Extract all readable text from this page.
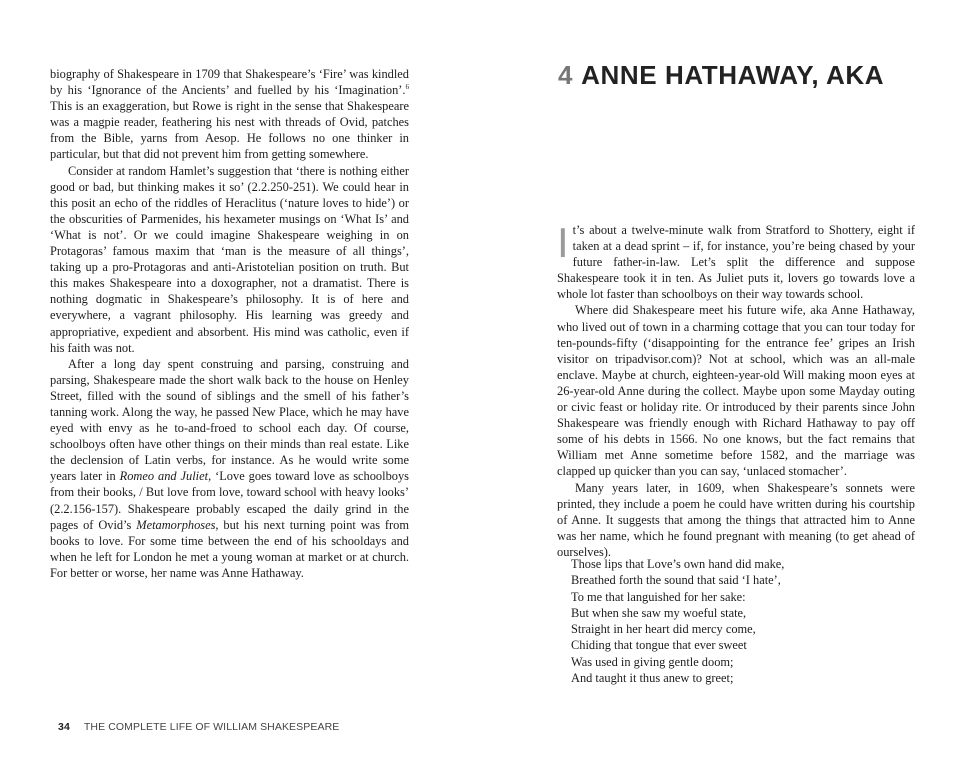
biography of Shakespeare in 1709 that Shakespeare’s ‘Fire’ was kindled by his ‘Ignorance of the Ancients’ and fuelled by his ‘Imagination’.$^6$ This is an exaggeration, but Rowe is right in the sense that Shakespeare was a magpie reader, feathering his nest with threads of Ovid, patches from the Bible, yarns from Aesop. He follows no one thinker in particular, but that did not prevent him from getting somewhere.

Consider at random Hamlet’s suggestion that ‘there is nothing either good or bad, but thinking makes it so’ (2.2.250-251). We could hear in this posit an echo of the riddles of Heraclitus (‘nature loves to hide’) or the obscurities of Parmenides, his hexameter musings on ‘What Is’ and ‘What is not’. Or we could imagine Shakespeare weighing in on Protagoras’ famous maxim that ‘man is the measure of all things’, taking up a pro-Protagoras and anti-Aristotelian position on truth. But this makes Shakespeare into a doxographer, not a dramatist. There is nothing dogmatic in Shakespeare’s philosophy. It is of here and everywhere, a vagrant philosophy. His learning was greedy and appropriative, expedient and absorbent. His mind was catholic, even if his faith was not.

After a long day spent construing and parsing, construing and parsing, Shakespeare made the short walk back to the house on Henley Street, filled with the sound of siblings and the smell of his father’s tanning work. Along the way, he passed New Place, which he may have eyed with envy as he to-and-froed to school each day. Of course, schoolboys often have other things on their minds than real estate. Like the declension of Latin verbs, for instance. As he would write some years later in Romeo and Juliet, ‘Love goes toward love as schoolboys from their books, / But love from love, toward school with heavy looks’ (2.2.156-157). Shakespeare probably escaped the daily grind in the pages of Ovid’s Metamorphoses, but his next turning point was from books to love. For some time between the end of his schooldays and when he left for London he met a young woman at market or at church. For better or worse, her name was Anne Hathaway.

34 THE COMPLETE LIFE OF WILLIAM SHAKESPEARE
4 ANNE HATHAWAY, AKA

It’s about a twelve-minute walk from Stratford to Shottery, eight if taken at a dead sprint – if, for instance, you’re being chased by your future father-in-law. Let’s split the difference and suppose Shakespeare took it in ten. As Juliet puts it, lovers go towards love a whole lot faster than schoolboys on their way towards school.

Where did Shakespeare meet his future wife, aka Anne Hathaway, who lived out of town in a charming cottage that you can tour today for ten-pounds-fifty (‘disappointing for the entrance fee’ gripes an Irish visitor on tripadvisor.com)? Not at school, which was an all-male enclave. Maybe at church, eighteen-year-old Will making moon eyes at 26-year-old Anne during the collect. Maybe upon some Mayday outing or civic feast or holiday rite. Or introduced by their parents since John Shakespeare was friendly enough with Richard Hathaway to pay off some of his debts in 1566. No one knows, but the fact remains that William met Anne sometime before 1582, and the marriage was clapped up quicker than you can say, ‘unlaced stomacher’.

Many years later, in 1609, when Shakespeare’s sonnets were printed, they include a poem he could have written during his courtship of Anne. It suggests that among the things that attracted him to Anne was her name, which he found pregnant with meaning (to get ahead of ourselves).

Those lips that Love’s own hand did make,
Breathed forth the sound that said ‘I hate’,
To me that languished for her sake:
But when she saw my woeful state,
Straight in her heart did mercy come,
Chiding that tongue that ever sweet
Was used in giving gentle doom;
And taught it thus anew to greet;
